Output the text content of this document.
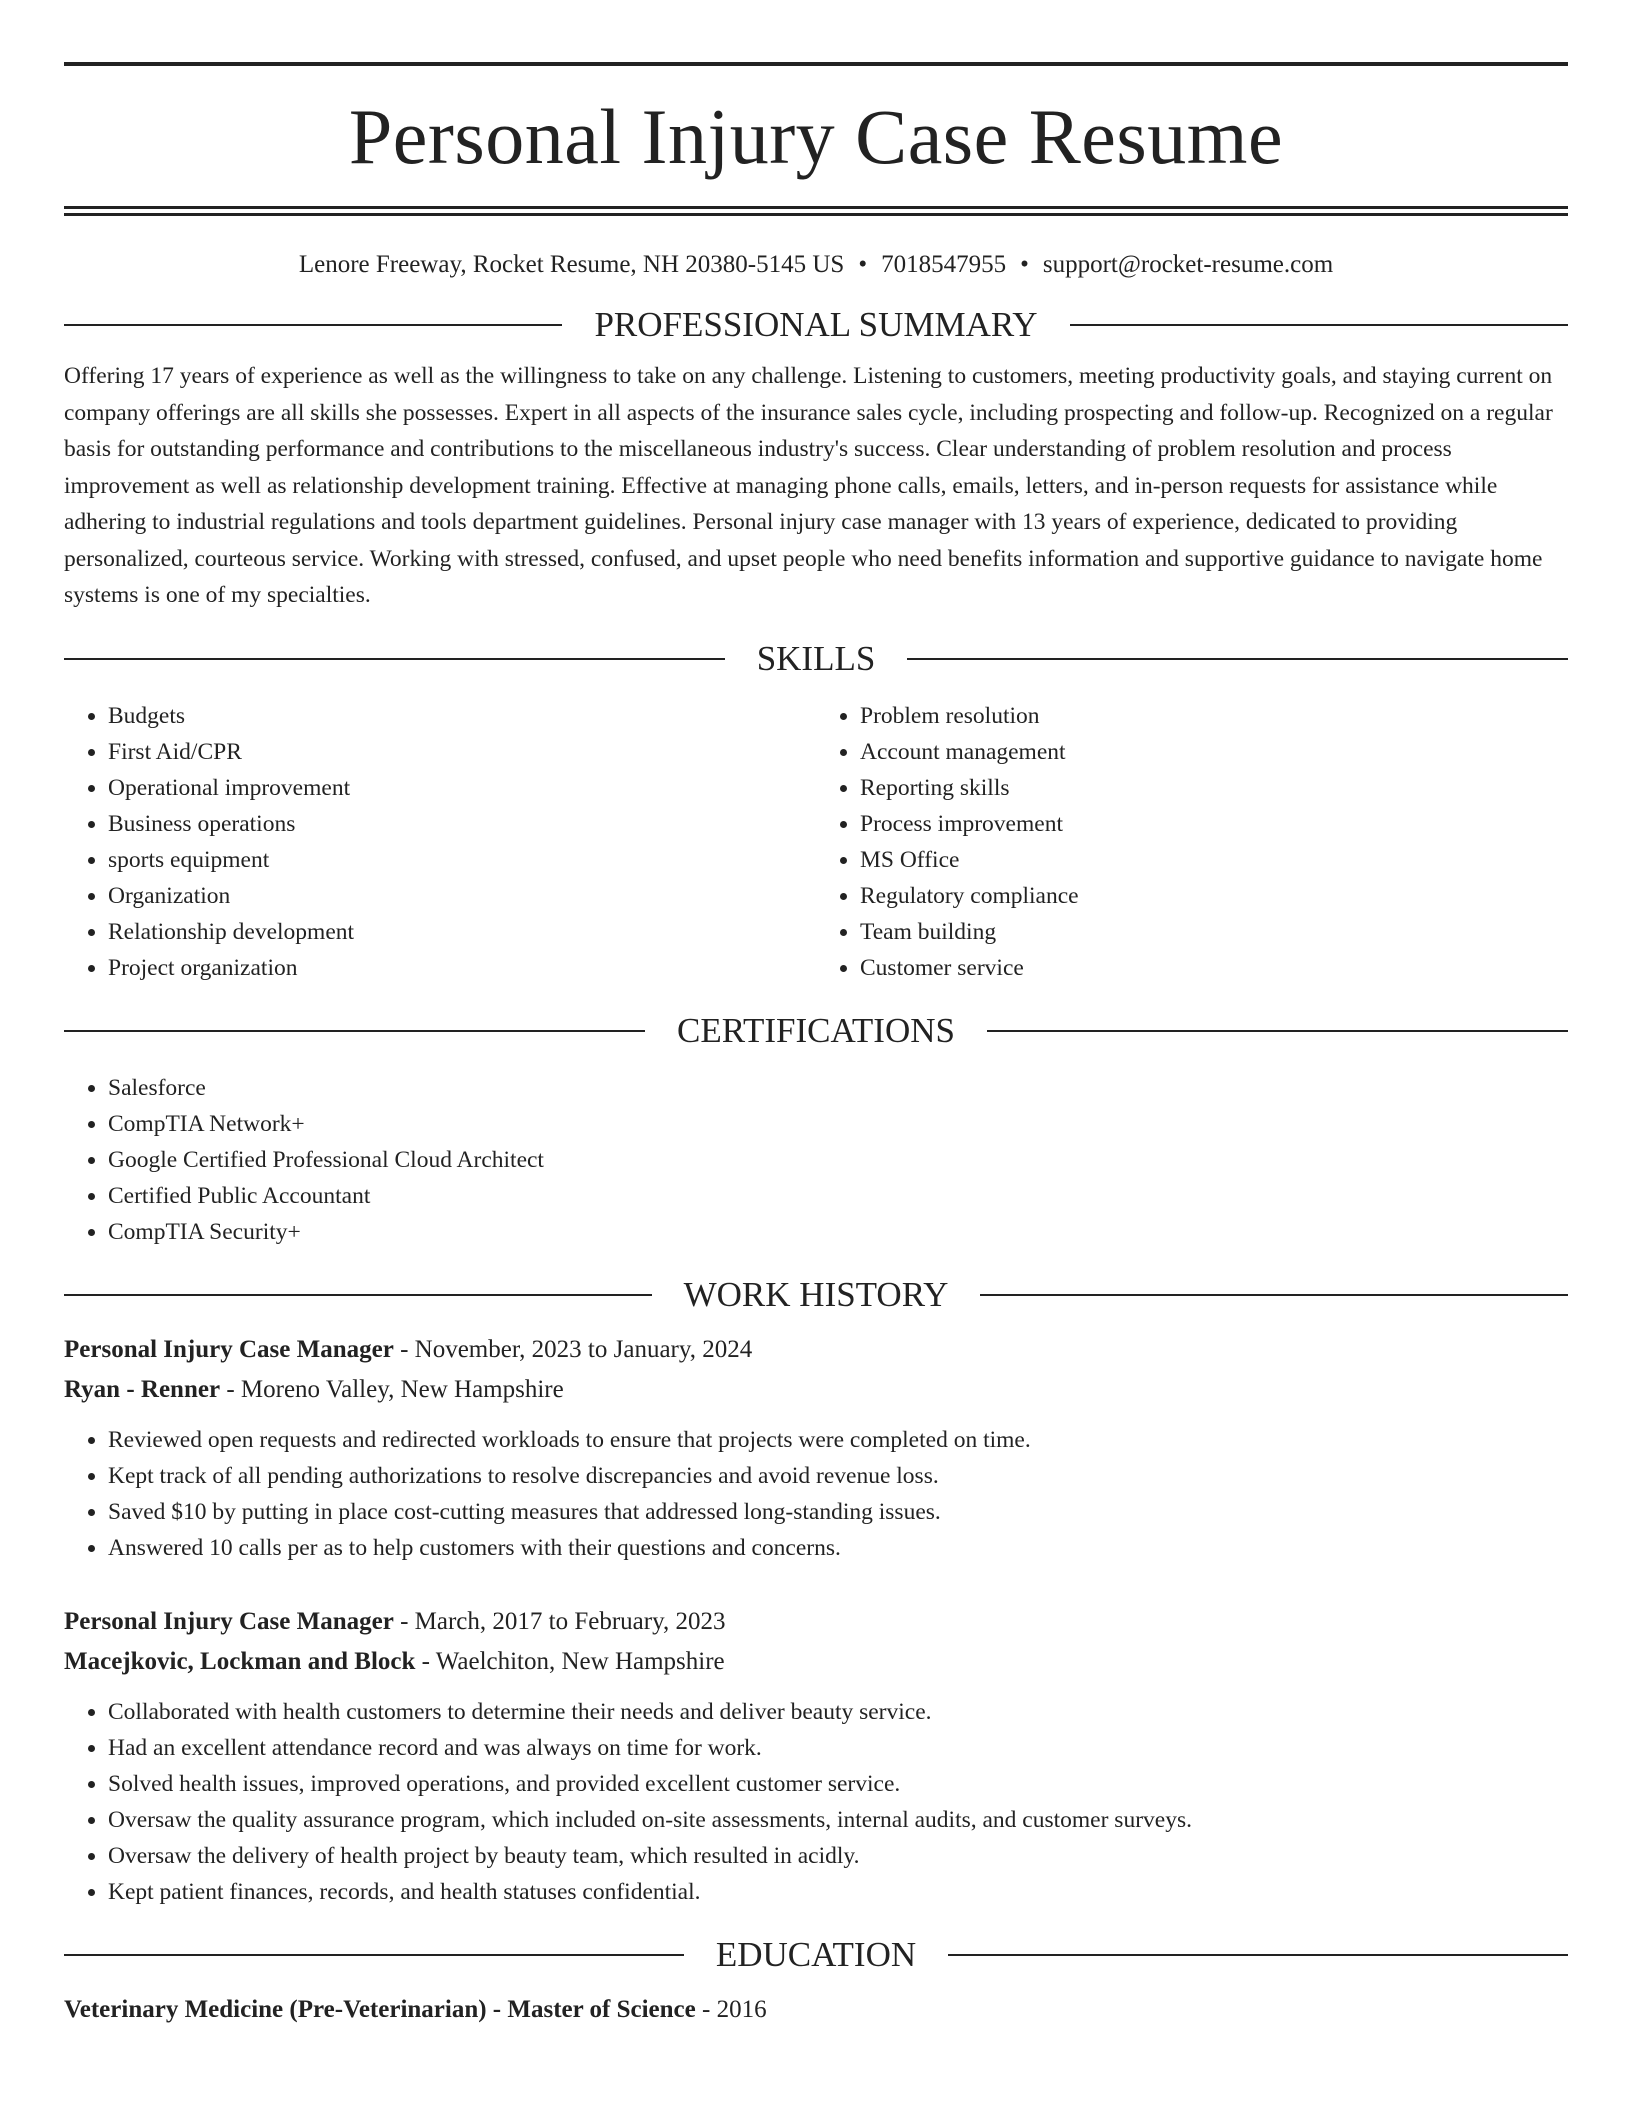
Personal Injury Case Resume
Lenore Freeway, Rocket Resume, NH 20380-5145 US • 7018547955 • support@rocket-resume.com
PROFESSIONAL SUMMARY

Offering 17 years of experience as well as the willingness to take on any challenge. Listening to customers, meeting productivity goals, and staying current on company offerings are all skills she possesses. Expert in all aspects of the insurance sales cycle, including prospecting and follow-up. Recognized on a regular basis for outstanding performance and contributions to the miscellaneous industry's success. Clear understanding of problem resolution and process improvement as well as relationship development training. Effective at managing phone calls, emails, letters, and in-person requests for assistance while adhering to industrial regulations and tools department guidelines. Personal injury case manager with 13 years of experience, dedicated to providing personalized, courteous service. Working with stressed, confused, and upset people who need benefits information and supportive guidance to navigate home systems is one of my specialties.

SKILLS
• Budgets
• First Aid/CPR
• Operational improvement
• Business operations
• sports equipment
• Organization
• Relationship development
• Project organization
• Problem resolution
• Account management
• Reporting skills
• Process improvement
• MS Office
• Regulatory compliance
• Team building
• Customer service
CERTIFICATIONS
• Salesforce
• CompTIA Network+
• Google Certified Professional Cloud Architect
• Certified Public Accountant
• CompTIA Security+
WORK HISTORY
Personal Injury Case Manager - November, 2023 to January, 2024
Ryan - Renner - Moreno Valley, New Hampshire
• Reviewed open requests and redirected workloads to ensure that projects were completed on time.
• Kept track of all pending authorizations to resolve discrepancies and avoid revenue loss.
• Saved $10 by putting in place cost-cutting measures that addressed long-standing issues.
• Answered 10 calls per as to help customers with their questions and concerns.
Personal Injury Case Manager - March, 2017 to February, 2023
Macejkovic, Lockman and Block - Waelchiton, New Hampshire
• Collaborated with health customers to determine their needs and deliver beauty service.
• Had an excellent attendance record and was always on time for work.
• Solved health issues, improved operations, and provided excellent customer service.
• Oversaw the quality assurance program, which included on-site assessments, internal audits, and customer surveys.
• Oversaw the delivery of health project by beauty team, which resulted in acidly.
• Kept patient finances, records, and health statuses confidential.
EDUCATION
Veterinary Medicine (Pre-Veterinarian) - Master of Science - 2016
